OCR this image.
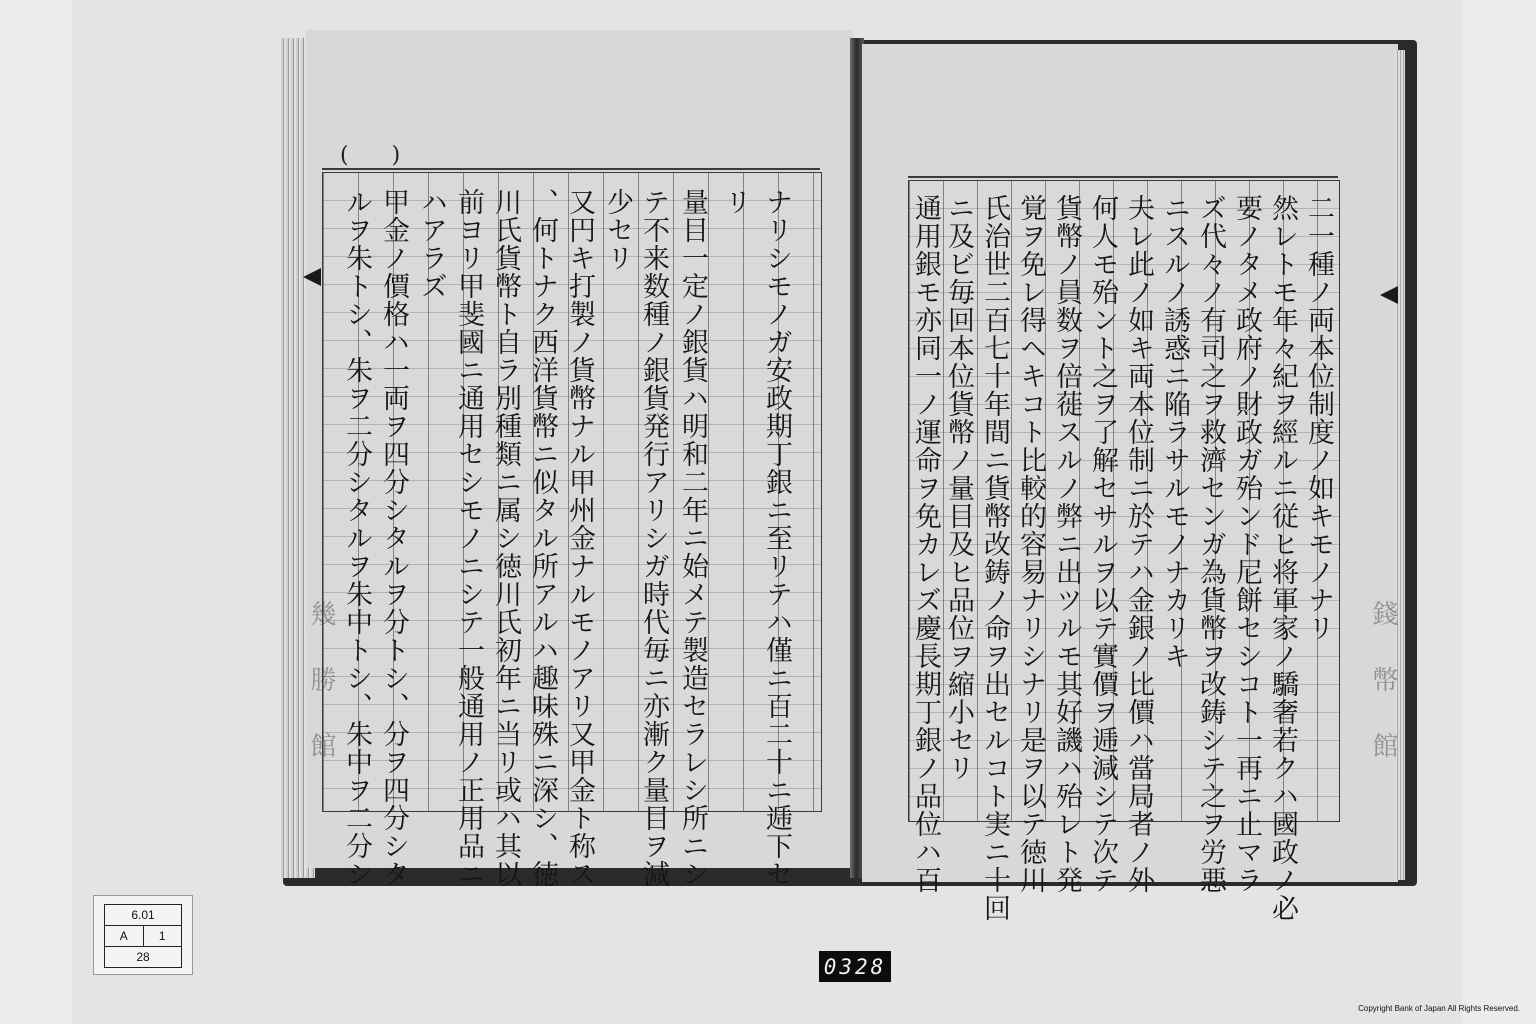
( )
幾勝館
リ ナリシモノガ安政期丁銀ニ至リテハ僅ニ百二十ニ逓下セ
量目一定ノ銀貨ハ明和二年ニ始メテ製造セラレシ所ニシ
テ不来数種ノ銀貨発行アリシガ時代毎ニ亦漸ク量目ヲ減
少セリ
又円キ打製ノ貨幣ナル甲州金ナルモノアリ又甲金ト称ス
、何トナク西洋貨幣ニ似タル所アルハ趣味殊ニ深シ、徳
川氏貨幣ト自ラ別種類ニ属シ徳川氏初年ニ当リ或ハ其以
前ヨリ甲斐國ニ通用セシモノニシテ一般通用ノ正用品ニ
ハアラズ
甲金ノ價格ハ一両ヲ四分シタルヲ分トシ、分ヲ四分シタ
ルヲ朱トシ、朱ヲ二分シタルヲ朱中トシ、朱中ヲ二分シ	錢幣館
二一種ノ両本位制度ノ如キモノナリ
然レトモ年々紀ヲ經ルニ従ヒ将軍家ノ驕奢若クハ國政ノ必
要ノタメ政府ノ財政ガ殆ンド尼餅セシコト一再ニ止マラ
ズ代々ノ有司之ヲ救濟センガ為貨幣ヲ改鋳シテ之ヲ労悪
ニスルノ誘惑ニ陥ラサルモノナカリキ
夫レ此ノ如キ両本位制ニ於テハ金銀ノ比價ハ當局者ノ外
何人モ殆ント之ヲ了解セサルヲ以テ實價ヲ逓減シテ次テ
貨幣ノ員数ヲ倍蓰スルノ弊ニ出ツルモ其好譏ハ殆レト発
覚ヲ免レ得ヘキコト比較的容易ナリシナリ是ヲ以テ徳川
氏治世二百七十年間ニ貨幣改鋳ノ命ヲ出セルコト実ニ十回
ニ及ビ毎回本位貨幣ノ量目及ヒ品位ヲ縮小セリ
通用銀モ亦同一ノ運命ヲ免カレズ慶長期丁銀ノ品位ハ百
6.01
A	1
28	0328
Copyright Bank of Japan All Rights Reserved.
